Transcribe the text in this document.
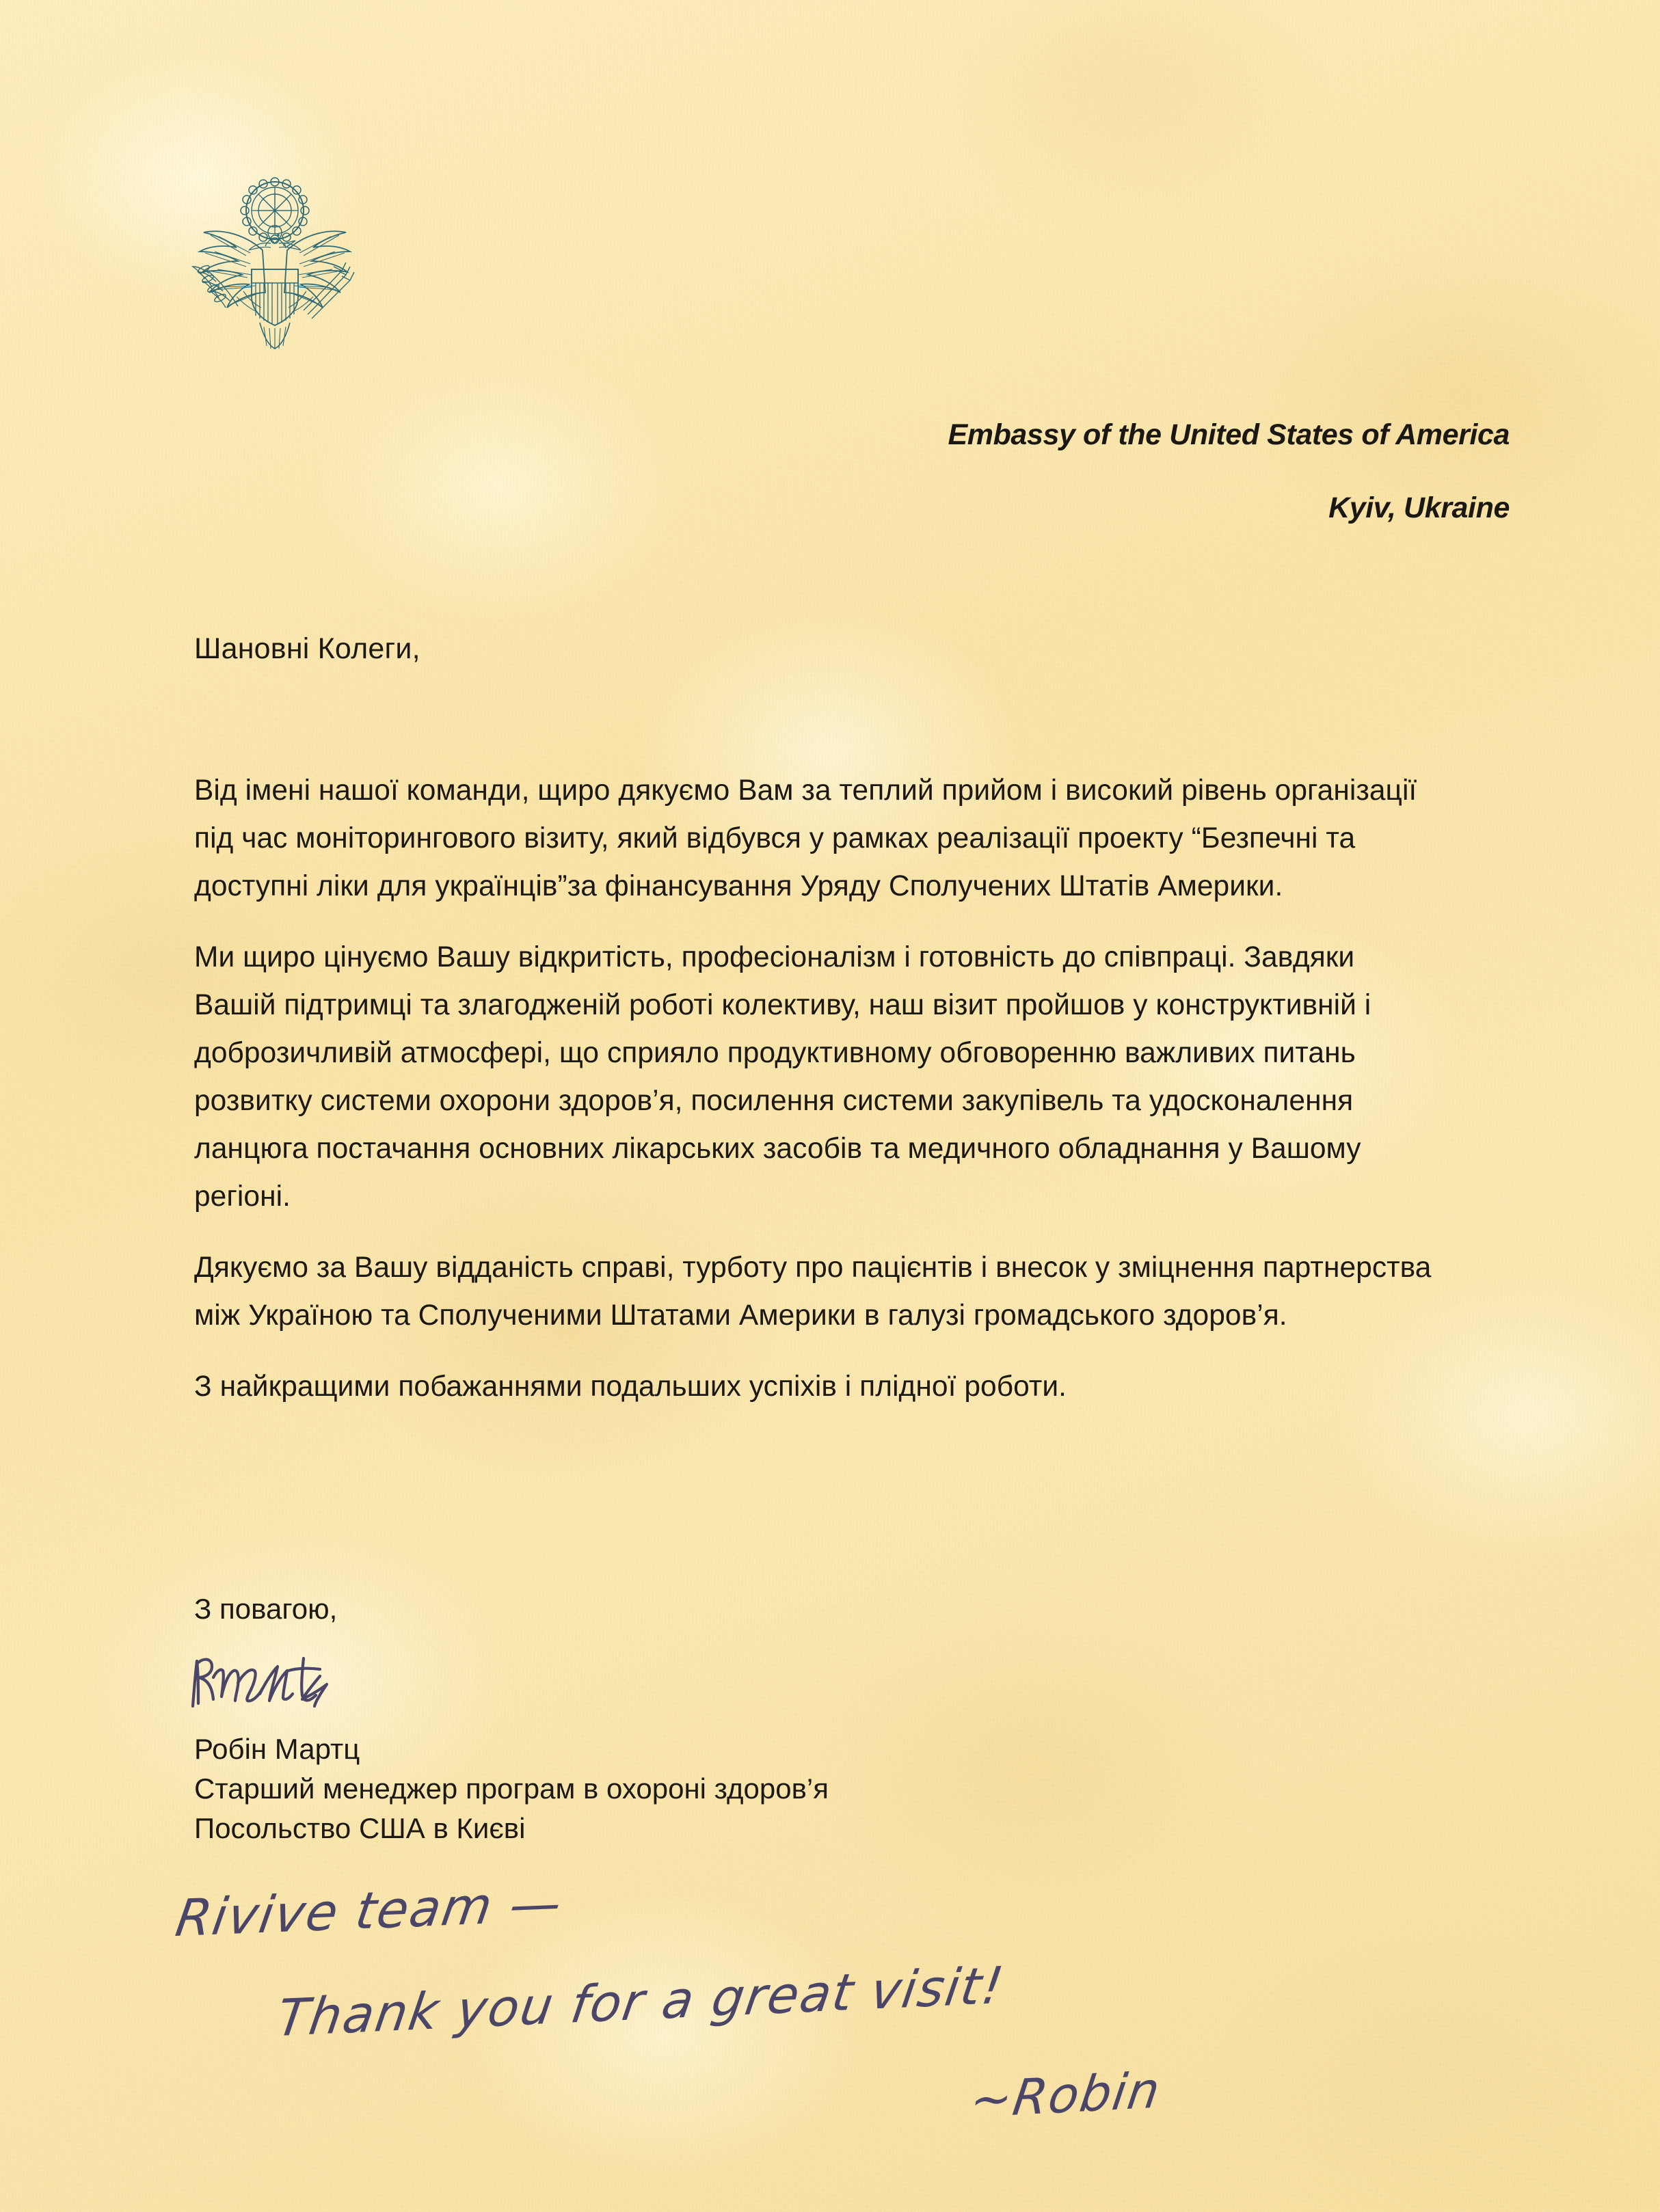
Embassy of the United States of America
Kyiv, Ukraine
Шановні Колеги,

Від імені нашої команди, щиро дякуємо Вам за теплий прийом і високий рівень організації під час моніторингового візиту, який відбувся у рамках реалізації проекту “Безпечні та доступні ліки для українців”за фінансування Уряду Сполучених Штатів Америки.

Ми щиро цінуємо Вашу відкритість, професіоналізм і готовність до співпраці. Завдяки Вашій підтримці та злагодженій роботі колективу, наш візит пройшов у конструктивній і доброзичливій атмосфері, що сприяло продуктивному обговоренню важливих питань розвитку системи охорони здоров’я, посилення системи закупівель та удосконалення ланцюга постачання основних лікарських засобів та медичного обладнання у Вашому регіоні.

Дякуємо за Вашу відданість справі, турботу про пацієнтів і внесок у зміцнення партнерства між Україною та Сполученими Штатами Америки в галузі громадського здоров’я.

З найкращими побажаннями подальших успіхів і плідної роботи.

З повагою,
Робін Мартц
Старший менеджер програм в охороні здоров’я
Посольство США в Києві
Rivive team —
Thank you for a great visit!
~Robin
